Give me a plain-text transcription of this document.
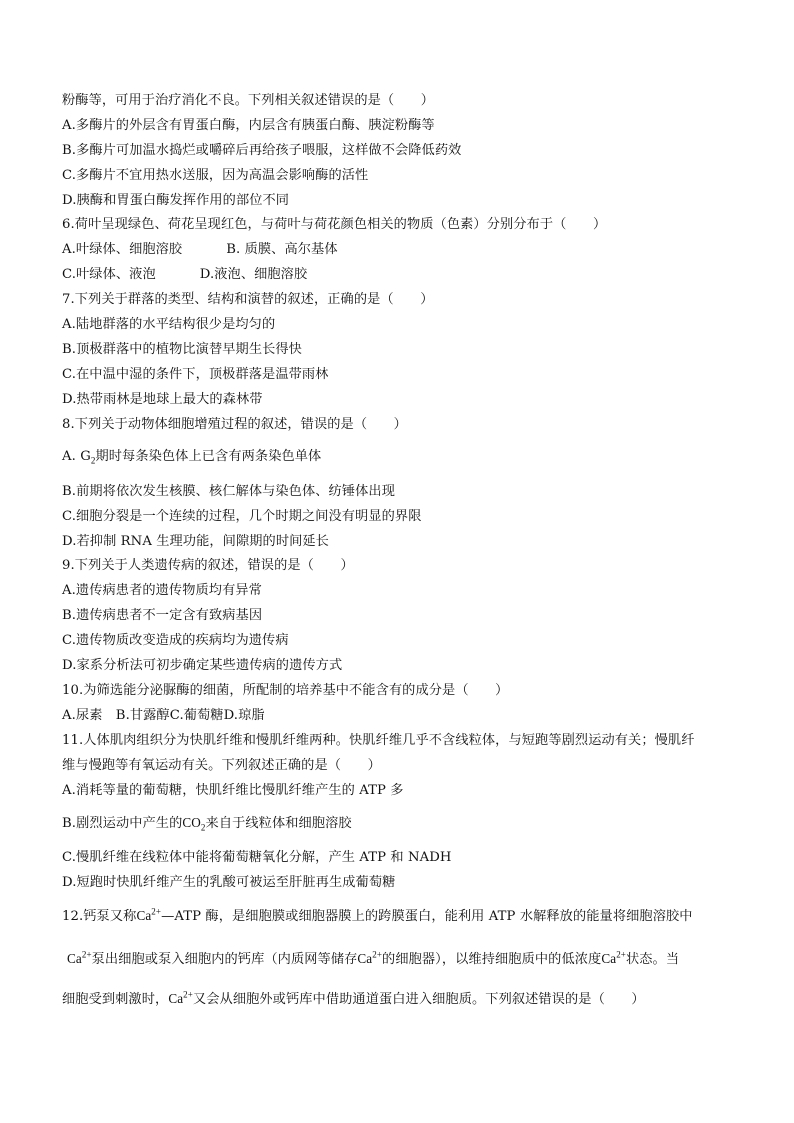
粉酶等，可用于治疗消化不良。下列相关叙述错误的是（　　）
A.多酶片的外层含有胃蛋白酶，内层含有胰蛋白酶、胰淀粉酶等
B.多酶片可加温水捣烂或嚼碎后再给孩子喂服，这样做不会降低药效
C.多酶片不宜用热水送服，因为高温会影响酶的活性
D.胰酶和胃蛋白酶发挥作用的部位不同
6.荷叶呈现绿色、荷花呈现红色，与荷叶与荷花颜色相关的物质（色素）分别分布于（　　）
A.叶绿体、细胞溶胶	B. 质膜、高尔基体
C.叶绿体、液泡	D.液泡、细胞溶胶
7.下列关于群落的类型、结构和演替的叙述，正确的是（　　）
A.陆地群落的水平结构很少是均匀的
B.顶极群落中的植物比演替早期生长得快
C.在中温中湿的条件下，顶极群落是温带雨林
D.热带雨林是地球上最大的森林带
8.下列关于动物体细胞增殖过程的叙述，错误的是（　　）
A. $G_2$期时每条染色体上已含有两条染色单体
B.前期将依次发生核膜、核仁解体与染色体、纺锤体出现
C.细胞分裂是一个连续的过程，几个时期之间没有明显的界限
D.若抑制 RNA 生理功能，间隙期的时间延长
9.下列关于人类遗传病的叙述，错误的是（　　）
A.遗传病患者的遗传物质均有异常
B.遗传病患者不一定含有致病基因
C.遗传物质改变造成的疾病均为遗传病
D.家系分析法可初步确定某些遗传病的遗传方式
10.为筛选能分泌脲酶的细菌，所配制的培养基中不能含有的成分是（　　）
A.尿素　B.甘露醇C.葡萄糖D.琼脂
11.人体肌肉组织分为快肌纤维和慢肌纤维两种。快肌纤维几乎不含线粒体，与短跑等剧烈运动有关；慢肌纤
维与慢跑等有氧运动有关。下列叙述正确的是（　　）
A.消耗等量的葡萄糖，快肌纤维比慢肌纤维产生的 ATP 多
B.剧烈运动中产生的$CO_2$来自于线粒体和细胞溶胶
C.慢肌纤维在线粒体中能将葡萄糖氧化分解，产生 ATP 和 NADH
D.短跑时快肌纤维产生的乳酸可被运至肝脏再生成葡萄糖
12.钙泵又称$Ca^{2+}—ATP$ 酶，是细胞膜或细胞器膜上的跨膜蛋白，能利用 ATP 水解释放的能量将细胞溶胶中
$Ca^{2+}$泵出细胞或泵入细胞内的钙库（内质网等储存$Ca^{2+}$的细胞器），以维持细胞质中的低浓度$Ca^{2+}$状态。当
细胞受到刺激时，$Ca^{2+}$又会从细胞外或钙库中借助通道蛋白进入细胞质。下列叙述错误的是（　　）
